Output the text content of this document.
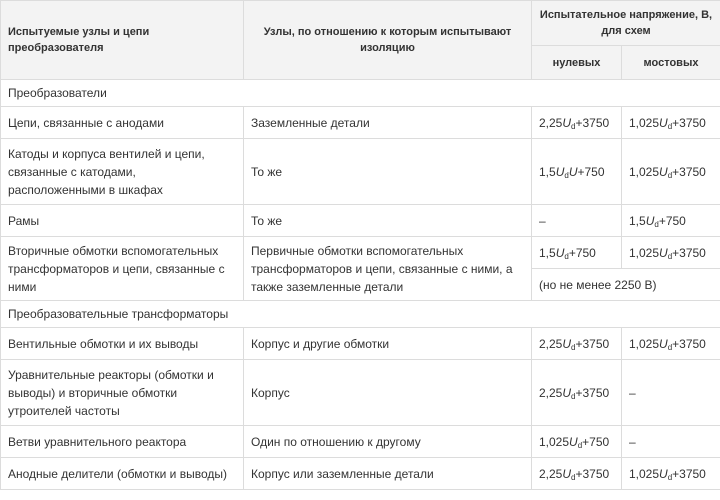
Испытуемые узлы и цепи преобразователя	Узлы, по отношению к которым испытывают изоляцию	Испытательное напряжение, В, для схем	
		нулевых	мостовых
Преобразователи			
Цепи, связанные с анодами	Заземленные детали	$2,25U_d+3750$	$1,025U_d+3750$
Катоды и корпуса вентилей и цепи, связанные с катодами, расположенными в шкафах	То же	$1,5U_dU+750$	$1,025U_d+3750$
Рамы	То же	–	$1,5U_d+750$
Вторичные обмотки вспомогательных трансформаторов и цепи, связанные с ними	Первичные обмотки вспомогательных трансформаторов и цепи, связанные с ними, а также заземленные детали	$1,5U_d+750$	$1,025U_d+3750$
		(но не менее 2250 В)	
Преобразовательные трансформаторы			
Вентильные обмотки и их выводы	Корпус и другие обмотки	$2,25U_d+3750$	$1,025U_d+3750$
Уравнительные реакторы (обмотки и выводы) и вторичные обмотки утроителей частоты	Корпус	$2,25U_d+3750$	–
Ветви уравнительного реактора	Один по отношению к другому	$1,025U_d+750$	–
Анодные делители (обмотки и выводы)	Корпус или заземленные детали	$2,25U_d+3750$	$1,025U_d+3750$
